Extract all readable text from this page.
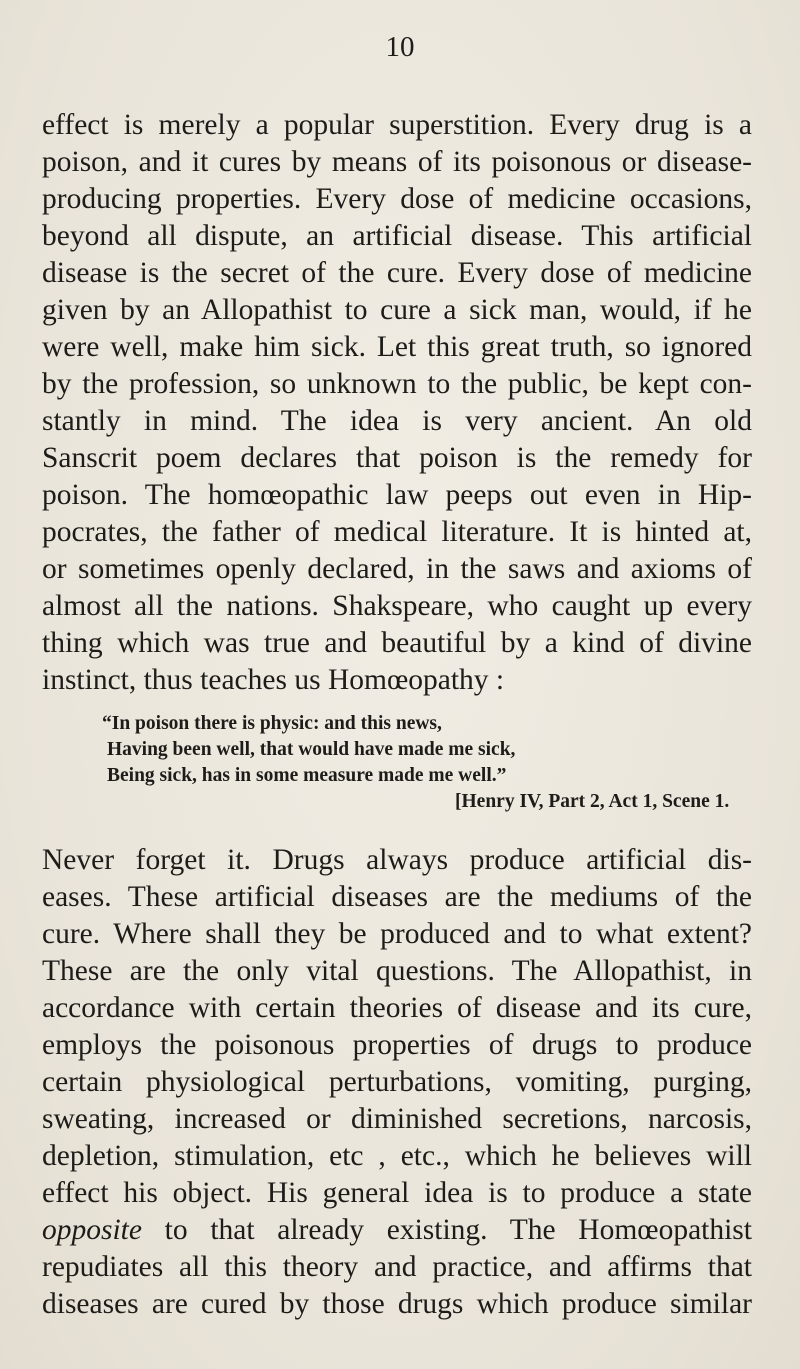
10
effect is merely a popular superstition. Every drug is a
poison, and it cures by means of its poisonous or disease-
producing properties. Every dose of medicine occasions,
beyond all dispute, an artificial disease. This artificial
disease is the secret of the cure. Every dose of medicine
given by an Allopathist to cure a sick man, would, if he
were well, make him sick. Let this great truth, so ignored
by the profession, so unknown to the public, be kept con-
stantly in mind. The idea is very ancient. An old
Sanscrit poem declares that poison is the remedy for
poison. The homœopathic law peeps out even in Hip-
pocrates, the father of medical literature. It is hinted at,
or sometimes openly declared, in the saws and axioms of
almost all the nations. Shakspeare, who caught up every
thing which was true and beautiful by a kind of divine
instinct, thus teaches us Homœopathy :
“In poison there is physic: and this news,
Having been well, that would have made me sick,
Being sick, has in some measure made me well.”
[Henry IV, Part 2, Act 1, Scene 1.
Never forget it. Drugs always produce artificial dis-
eases. These artificial diseases are the mediums of the
cure. Where shall they be produced and to what extent?
These are the only vital questions. The Allopathist, in
accordance with certain theories of disease and its cure,
employs the poisonous properties of drugs to produce
certain physiological perturbations, vomiting, purging,
sweating, increased or diminished secretions, narcosis,
depletion, stimulation, etc , etc., which he believes will
effect his object. His general idea is to produce a state
opposite to that already existing. The Homœopathist
repudiates all this theory and practice, and affirms that
diseases are cured by those drugs which produce similar
